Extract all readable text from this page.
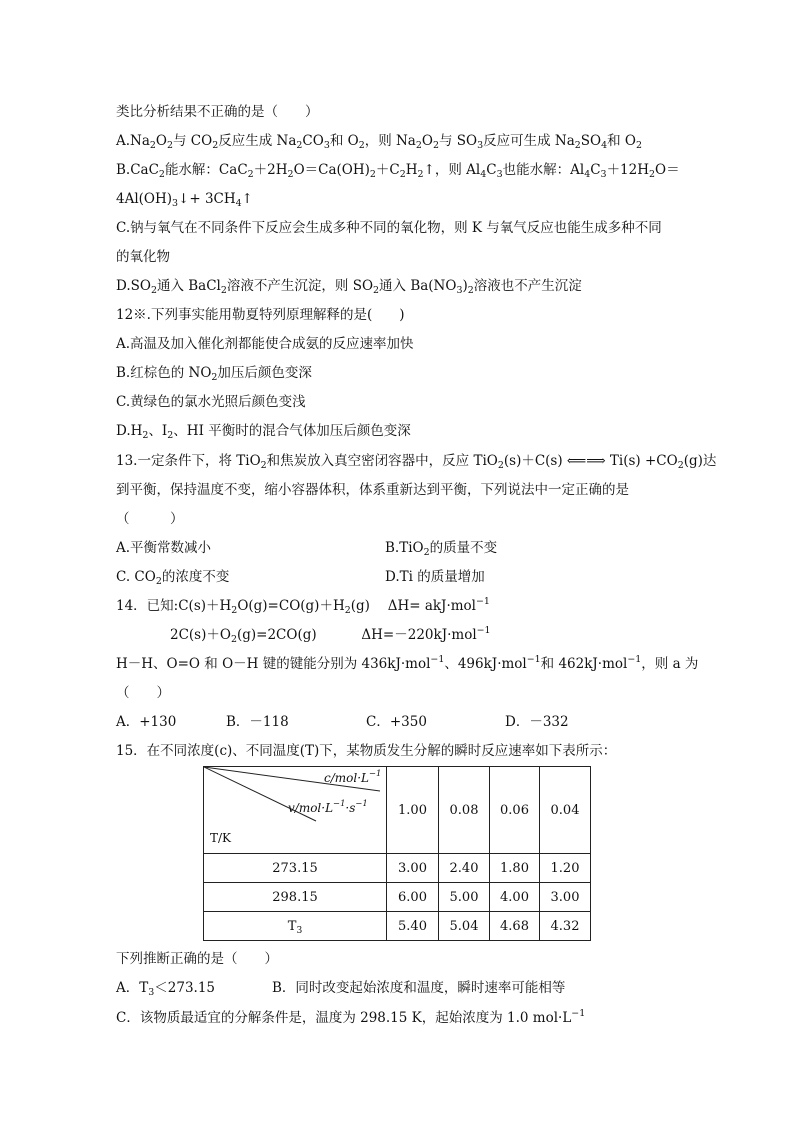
类比分析结果不正确的是（　　）
$A.Na_2O_2$与 $CO_2$反应生成 $Na_2CO_3$和 $O_2$，则 $Na_2O_2$与 $SO_3$反应可生成 $Na_2SO_4$和 $O_2$
B.CaC$_2$能水解：$CaC_2+2H_2O=Ca(OH)_2+C_2H_2↑$，则 $Al_4C_3$也能水解：$Al_4C_3+12H_2O=$
$4Al(OH)_3↓+$ $3CH_4↑$
C.钠与氧气在不同条件下反应会生成多种不同的氧化物，则 K 与氧气反应也能生成多种不同
的氧化物
$D.SO_2$通入 BaCl$_2$溶液不产生沉淀，则 $SO_2$通入 $Ba(NO_3)_2$溶液也不产生沉淀
12※.下列事实能用勒夏特列原理解释的是(　　)
A.高温及加入催化剂都能使合成氨的反应速率加快
B.红棕色的 $NO_2$加压后颜色变深
C.黄绿色的氯水光照后颜色变浅
$D.H_2$、$I_2$、HI 平衡时的混合气体加压后颜色变深
13.一定条件下，将 TiO$_2$和焦炭放入真空密闭容器中，反应 TiO$_2$(s)＋C(s) ⟸⟹ $Ti(s) +CO_2(g)$达
到平衡，保持温度不变，缩小容器体积，体系重新达到平衡，下列说法中一定正确的是
（　　　）
A.平衡常数减小	B.TiO$_2$的质量不变
C. $CO_2$的浓度不变	D.Ti 的质量增加
14．已知$:C(s)+H_2O(g)=CO(g)+H_2(g)$　 ΔH= akJ·mol$^{-1}$
$2C(s)+O_2(g)=2CO(g)$　　　 ΔH=－220kJ·mol$^{-1}$
H－H、O=O 和 O－H 键的键能分别为 436kJ·mol$^{-1}$、496kJ·mol$^{-1}$和 462kJ·mol$^{-1}$，则 a 为
（　　）
A．+130	B．－118	C．+350	D．－332
15．在不同浓度(c)、不同温度(T)下，某物质发生分解的瞬时反应速率如下表所示：
$c/mol\cdot L^{-1}$
$v/mol\cdot L^{-1}\cdot s^{-1}$
T/K	1.00	0.08	0.06	0.04
273.15	3.00	2.40	1.80	1.20
298.15	6.00	5.00	4.00	3.00
$T_3$	5.40	5.04	4.68	4.32
下列推断正确的是（　　）
A．$T_3<273.15$	B．同时改变起始浓度和温度，瞬时速率可能相等
C．该物质最适宜的分解条件是，温度为 298.15 K，起始浓度为 1.0 $mol\cdot L^{-1}$
